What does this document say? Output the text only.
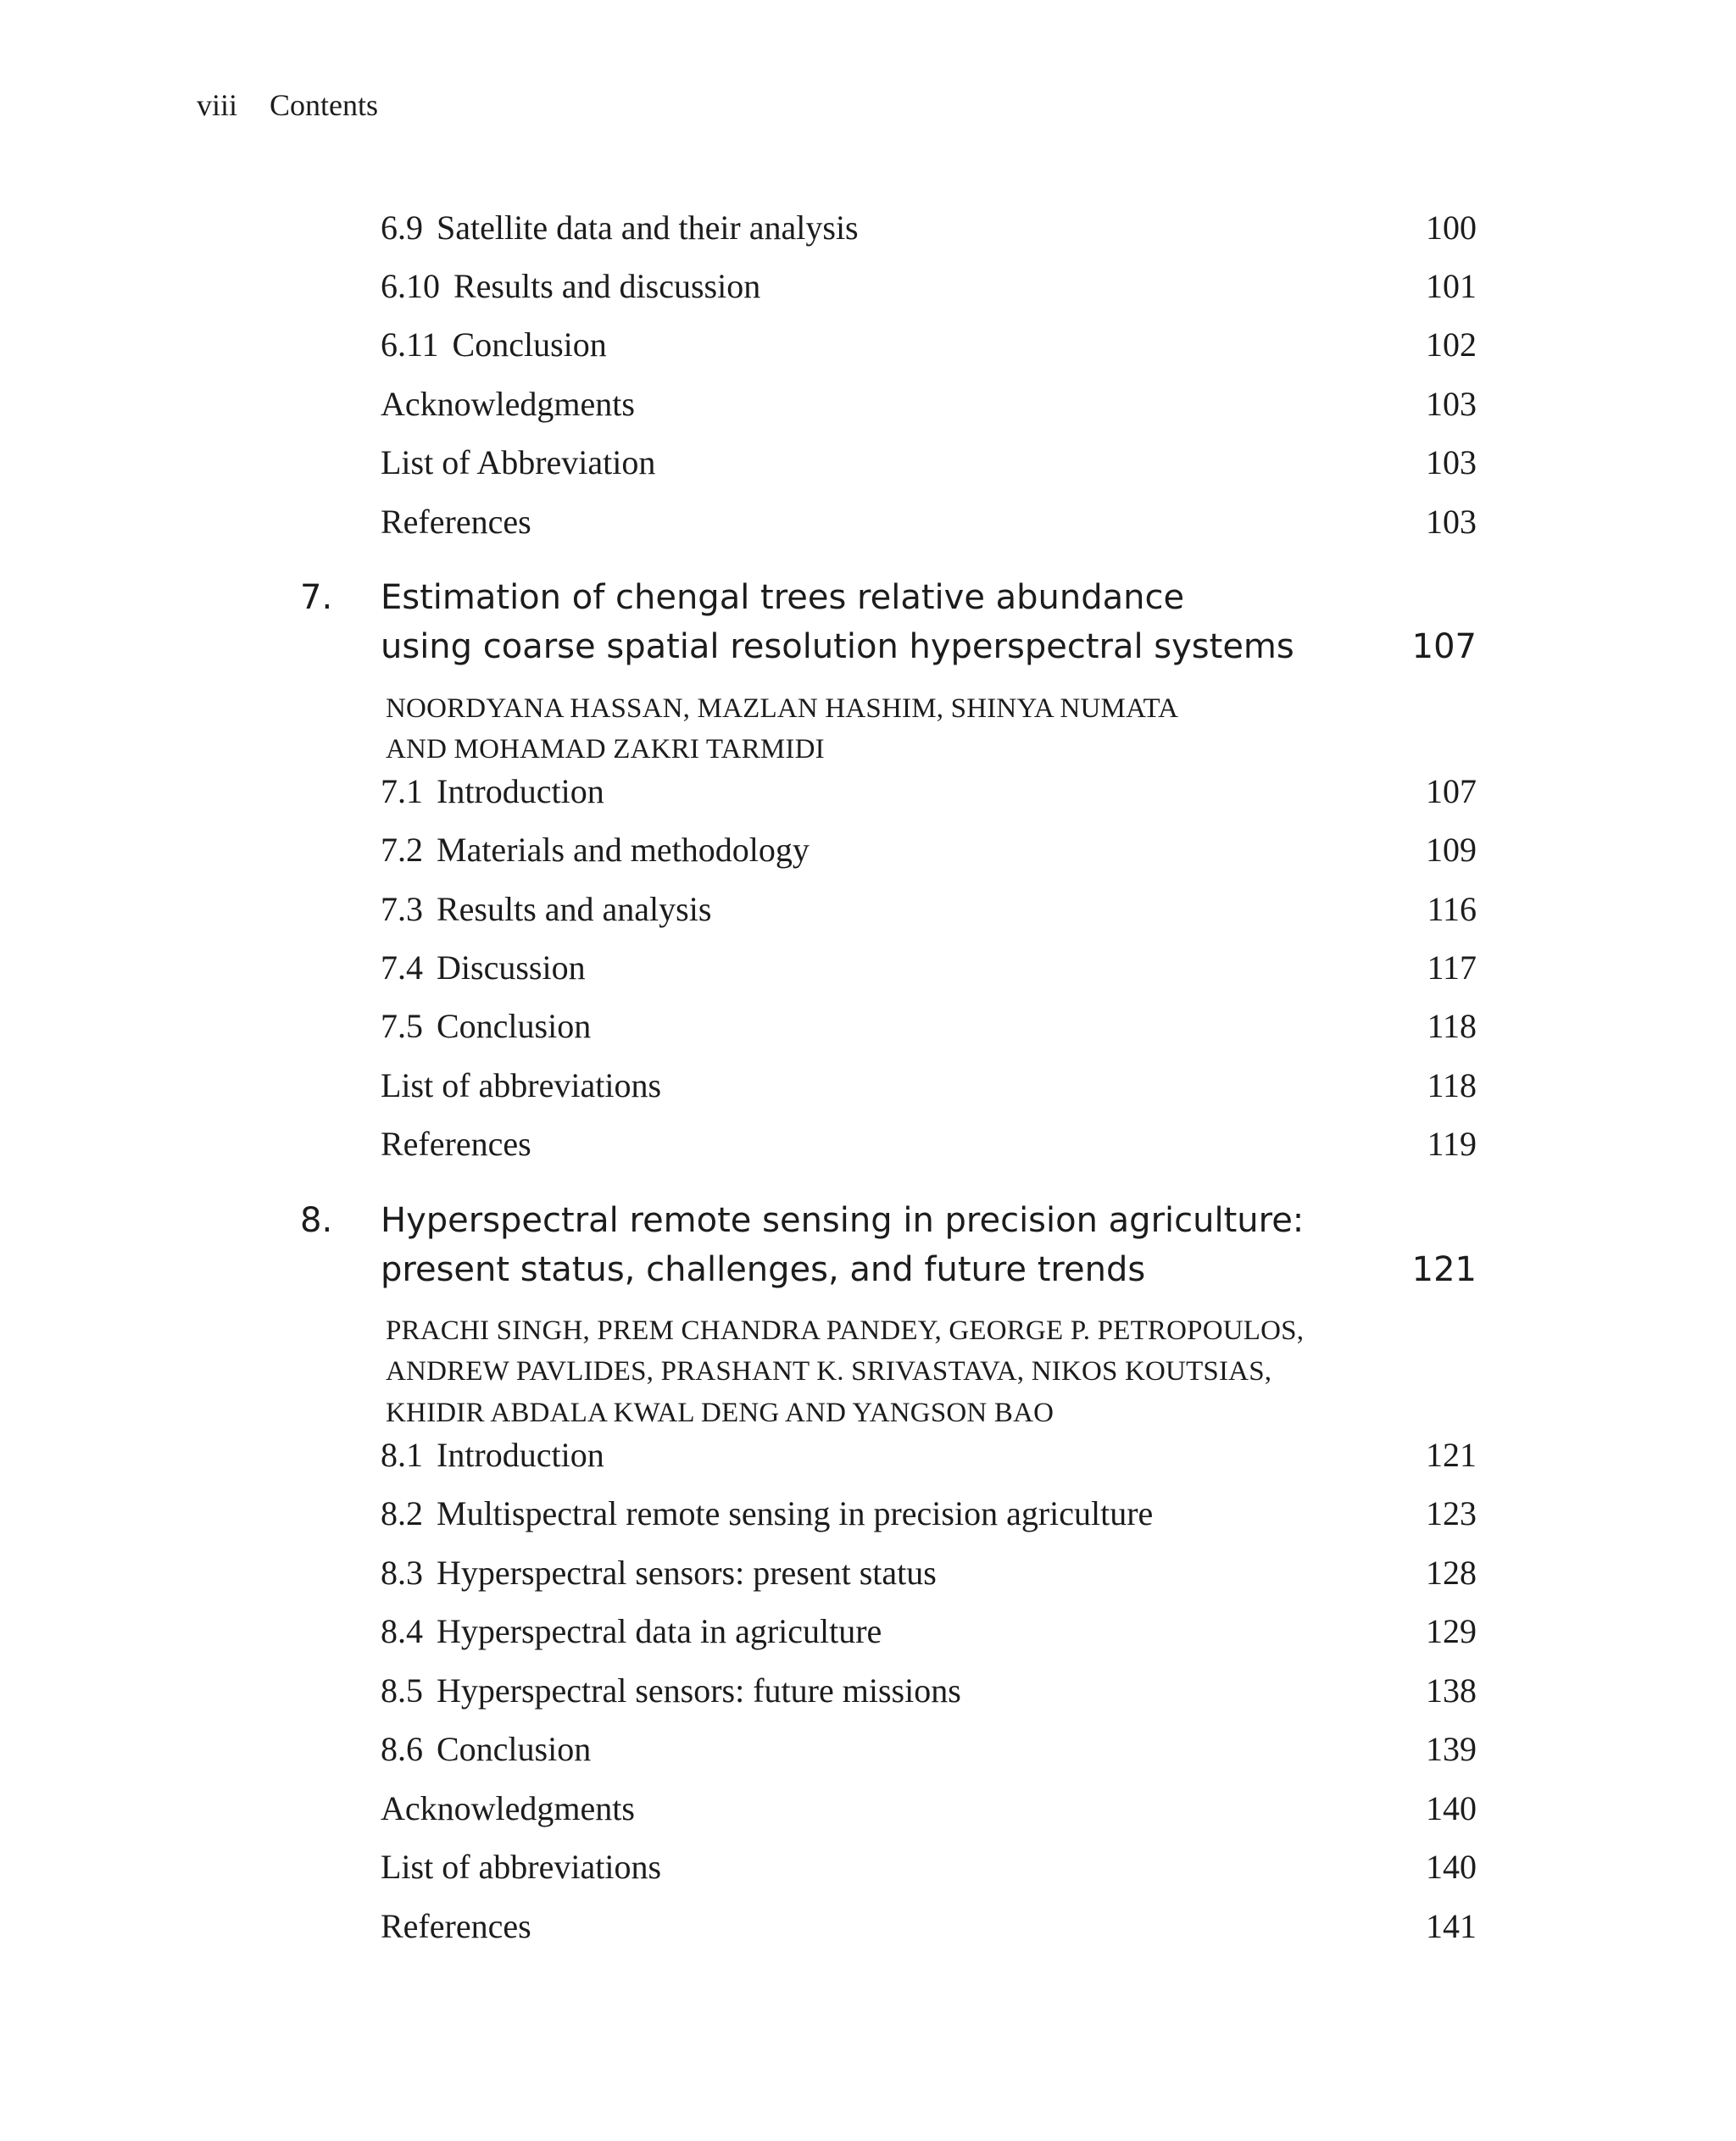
viii Contents
6.9 Satellite data and their analysis	100
6.10 Results and discussion	101
6.11 Conclusion	102
Acknowledgments	103
List of Abbreviation	103
References	103
7. Estimation of chengal trees relative abundance
using coarse spatial resolution hyperspectral systems	107
NOORDYANA HASSAN, MAZLAN HASHIM, SHINYA NUMATA
AND MOHAMAD ZAKRI TARMIDI
7.1 Introduction	107
7.2 Materials and methodology	109
7.3 Results and analysis	116
7.4 Discussion	117
7.5 Conclusion	118
List of abbreviations	118
References	119
8. Hyperspectral remote sensing in precision agriculture:
present status, challenges, and future trends	121
PRACHI SINGH, PREM CHANDRA PANDEY, GEORGE P. PETROPOULOS,
ANDREW PAVLIDES, PRASHANT K. SRIVASTAVA, NIKOS KOUTSIAS,
KHIDIR ABDALA KWAL DENG AND YANGSON BAO
8.1 Introduction	121
8.2 Multispectral remote sensing in precision agriculture	123
8.3 Hyperspectral sensors: present status	128
8.4 Hyperspectral data in agriculture	129
8.5 Hyperspectral sensors: future missions	138
8.6 Conclusion	139
Acknowledgments	140
List of abbreviations	140
References	141
